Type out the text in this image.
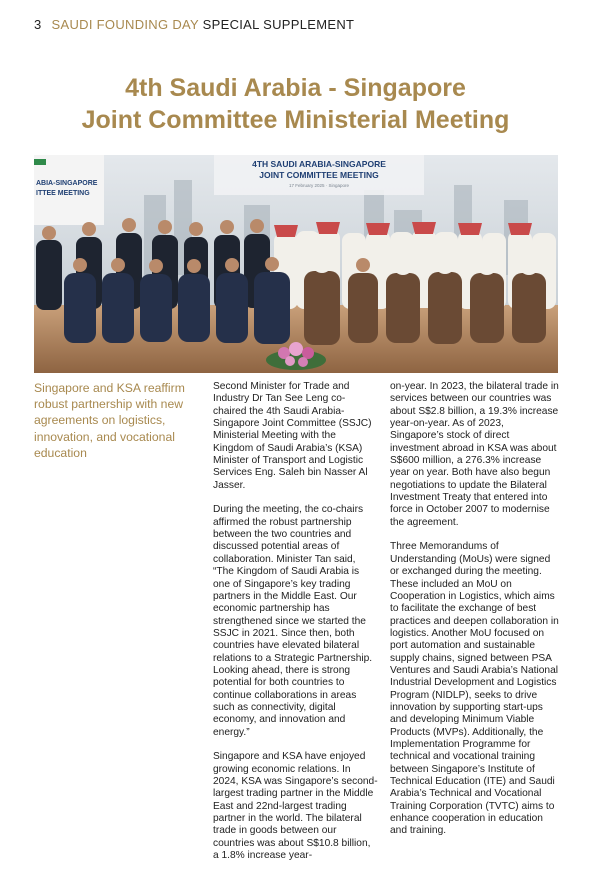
3 SAUDI FOUNDING DAY SPECIAL SUPPLEMENT
4th Saudi Arabia - Singapore
Joint Committee Ministerial Meeting
ABIA-SINGAPORE
ITTEE MEETING
4TH SAUDI ARABIA-SINGAPORE
JOINT COMMITTEE MEETING
17 February 2025 · Singapore
Singapore and KSA reaffirm robust partnership with new agreements on logistics, innovation, and vocational education

Second Minister for Trade and Industry Dr Tan See Leng co-chaired the 4th Saudi Arabia-Singapore Joint Committee (SSJC) Ministerial Meeting with the Kingdom of Saudi Arabia’s (KSA) Minister of Transport and Logistic Services Eng. Saleh bin Nasser Al Jasser.

During the meeting, the co-chairs affirmed the robust partnership between the two countries and discussed potential areas of collaboration. Minister Tan said, “The Kingdom of Saudi Arabia is one of Singapore’s key trading partners in the Middle East. Our economic partnership has strengthened since we started the SSJC in 2021. Since then, both countries have elevated bilateral relations to a Strategic Partnership. Looking ahead, there is strong potential for both countries to continue collaborations in areas such as connectivity, digital economy, and innovation and energy.”

Singapore and KSA have enjoyed growing economic relations. In 2024, KSA was Singapore’s second-largest trading partner in the Middle East and 22nd-largest trading partner in the world. The bilateral trade in goods between our countries was about S$10.8 billion, a 1.8% increase year-

on-year. In 2023, the bilateral trade in services between our countries was about S$2.8 billion, a 19.3% increase year-on-year. As of 2023, Singapore’s stock of direct investment abroad in KSA was about S$600 million, a 276.3% increase year on year. Both have also begun negotiations to update the Bilateral Investment Treaty that entered into force in October 2007 to modernise the agreement.

Three Memorandums of Understanding (MoUs) were signed or exchanged during the meeting. These included an MoU on Cooperation in Logistics, which aims to facilitate the exchange of best practices and deepen collaboration in logistics. Another MoU focused on port automation and sustainable supply chains, signed between PSA Ventures and Saudi Arabia’s National Industrial Development and Logistics Program (NIDLP), seeks to drive innovation by supporting start-ups and developing Minimum Viable Products (MVPs). Additionally, the Implementation Programme for technical and vocational training between Singapore’s Institute of Technical Education (ITE) and Saudi Arabia’s Technical and Vocational Training Corporation (TVTC) aims to enhance cooperation in education and training.
